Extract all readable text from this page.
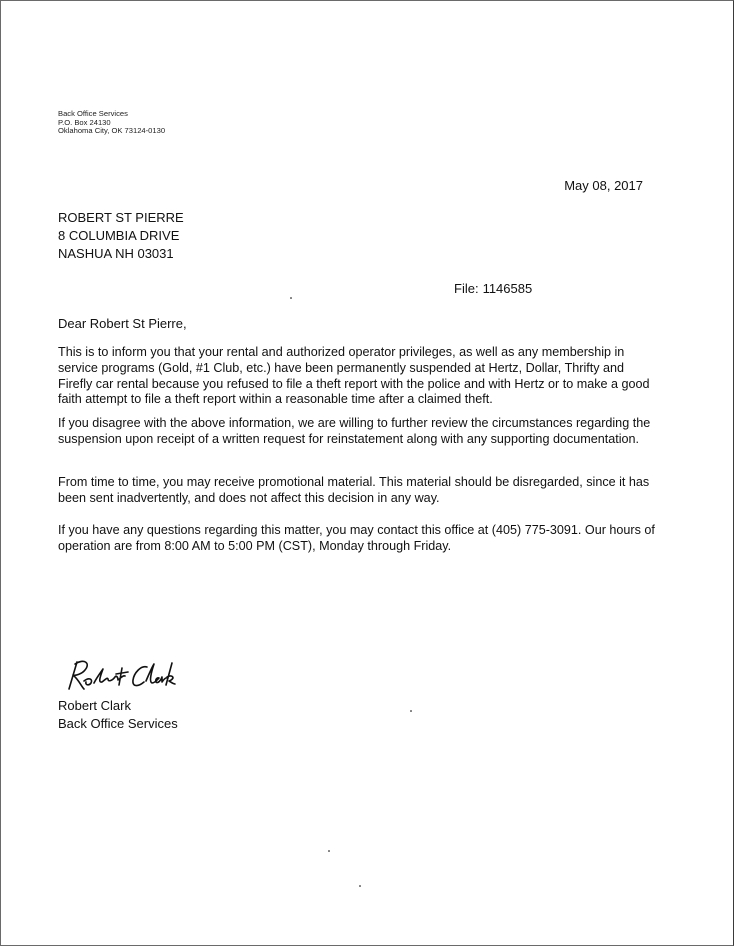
Back Office Services
P.O. Box 24130
Oklahoma City, OK 73124-0130
May 08, 2017
ROBERT ST PIERRE
8 COLUMBIA DRIVE
NASHUA NH 03031
File: 1146585
Dear Robert St Pierre,

This is to inform you that your rental and authorized operator privileges, as well as any membership in service programs (Gold, #1 Club, etc.) have been permanently suspended at Hertz, Dollar, Thrifty and Firefly car rental because you refused to file a theft report with the police and with Hertz or to make a good faith attempt to file a theft report within a reasonable time after a claimed theft.

If you disagree with the above information, we are willing to further review the circumstances regarding the suspension upon receipt of a written request for reinstatement along with any supporting documentation.

From time to time, you may receive promotional material. This material should be disregarded, since it has been sent inadvertently, and does not affect this decision in any way.

If you have any questions regarding this matter, you may contact this office at (405) 775-3091. Our hours of operation are from 8:00 AM to 5:00 PM (CST), Monday through Friday.

Robert Clark
Back Office Services
